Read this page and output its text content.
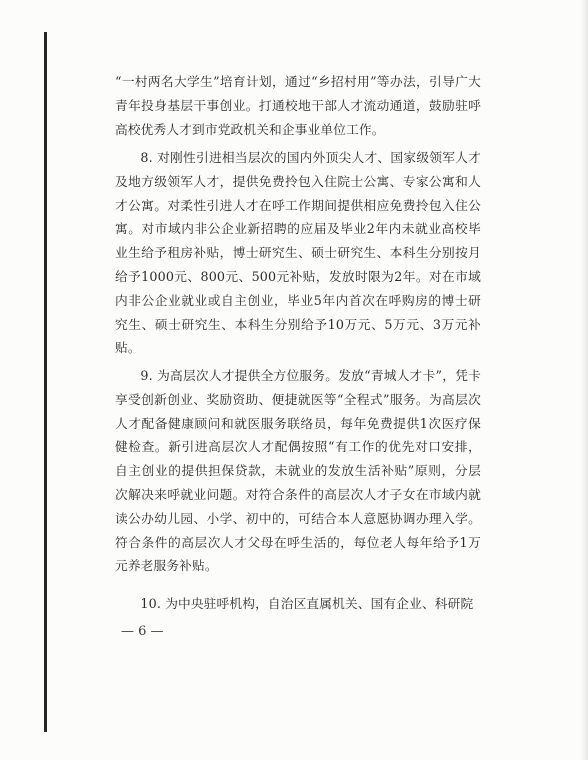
“一村两名大学生”培育计划，通过“乡招村用”等办法，引导广大青年投身基层干事创业。打通校地干部人才流动通道，鼓励驻呼高校优秀人才到市党政机关和企事业单位工作。

8. 对刚性引进相当层次的国内外顶尖人才、国家级领军人才及地方级领军人才，提供免费拎包入住院士公寓、专家公寓和人才公寓。对柔性引进人才在呼工作期间提供相应免费拎包入住公寓。对市域内非公企业新招聘的应届及毕业2年内未就业高校毕业生给予租房补贴，博士研究生、硕士研究生、本科生分别按月给予1000元、800元、500元补贴，发放时限为2年。对在市域内非公企业就业或自主创业，毕业5年内首次在呼购房的博士研究生、硕士研究生、本科生分别给予10万元、5万元、3万元补贴。

9. 为高层次人才提供全方位服务。发放“青城人才卡”，凭卡享受创新创业、奖励资助、便捷就医等“全程式”服务。为高层次人才配备健康顾问和就医服务联络员，每年免费提供1次医疗保健检查。新引进高层次人才配偶按照“有工作的优先对口安排，自主创业的提供担保贷款，未就业的发放生活补贴”原则，分层次解决来呼就业问题。对符合条件的高层次人才子女在市域内就读公办幼儿园、小学、初中的，可结合本人意愿协调办理入学。符合条件的高层次人才父母在呼生活的，每位老人每年给予1万元养老服务补贴。

10. 为中央驻呼机构，自治区直属机关、国有企业、科研院

— 6 —
